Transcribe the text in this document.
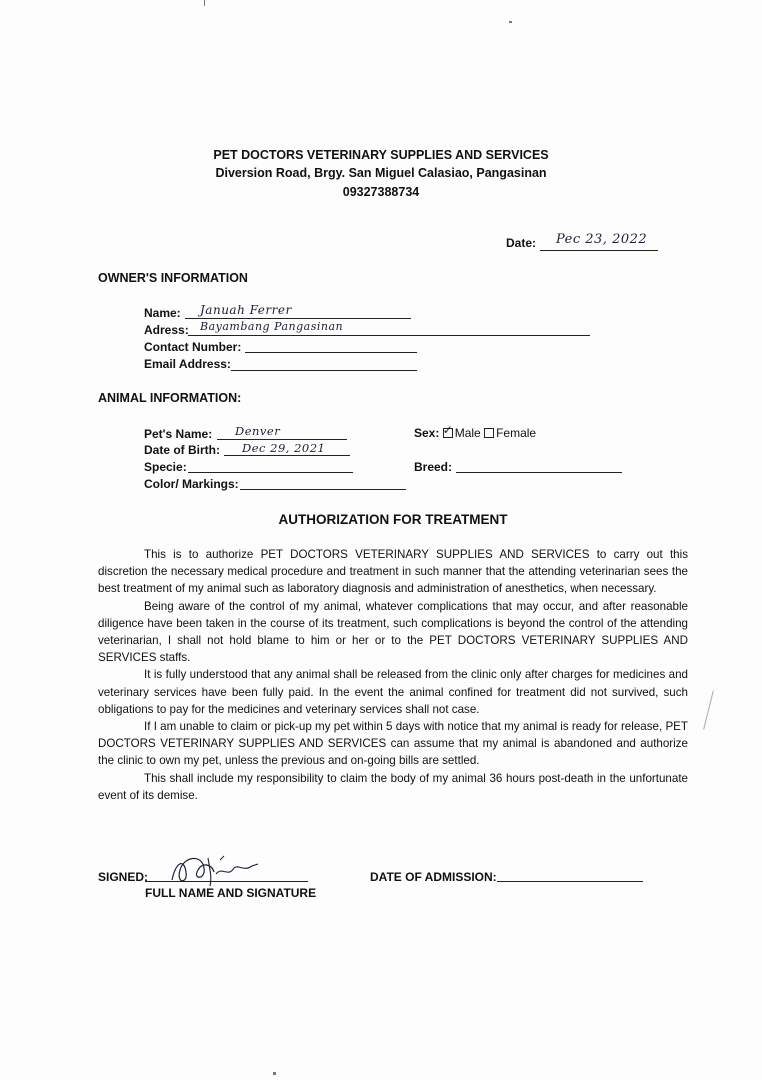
PET DOCTORS VETERINARY SUPPLIES AND SERVICES
Diversion Road, Brgy. San Miguel Calasiao, Pangasinan
09327388734
Date: Pec 23, 2022
OWNER'S INFORMATION
Name: Januah Ferrer
Adress: Bayambang Pangasinan
Contact Number:
Email Address:
ANIMAL INFORMATION:
Pet's Name: Denver
Date of Birth: Dec 29, 2021
Specie:
Color/ Markings:
Sex: ✓ Male Female
Breed:
AUTHORIZATION FOR TREATMENT

This is to authorize PET DOCTORS VETERINARY SUPPLIES AND SERVICES to carry out this discretion the necessary medical procedure and treatment in such manner that the attending veterinarian sees the best treatment of my animal such as laboratory diagnosis and administration of anesthetics, when necessary.

Being aware of the control of my animal, whatever complications that may occur, and after reasonable diligence have been taken in the course of its treatment, such complications is beyond the control of the attending veterinarian, I shall not hold blame to him or her or to the PET DOCTORS VETERINARY SUPPLIES AND SERVICES staffs.

It is fully understood that any animal shall be released from the clinic only after charges for medicines and veterinary services have been fully paid. In the event the animal confined for treatment did not survived, such obligations to pay for the medicines and veterinary services shall not case.

If I am unable to claim or pick-up my pet within 5 days with notice that my animal is ready for release, PET DOCTORS VETERINARY SUPPLIES AND SERVICES can assume that my animal is abandoned and authorize the clinic to own my pet, unless the previous and on-going bills are settled.

This shall include my responsibility to claim the body of my animal 36 hours post-death in the unfortunate event of its demise.

SIGNED:
FULL NAME AND SIGNATURE
DATE OF ADMISSION:
